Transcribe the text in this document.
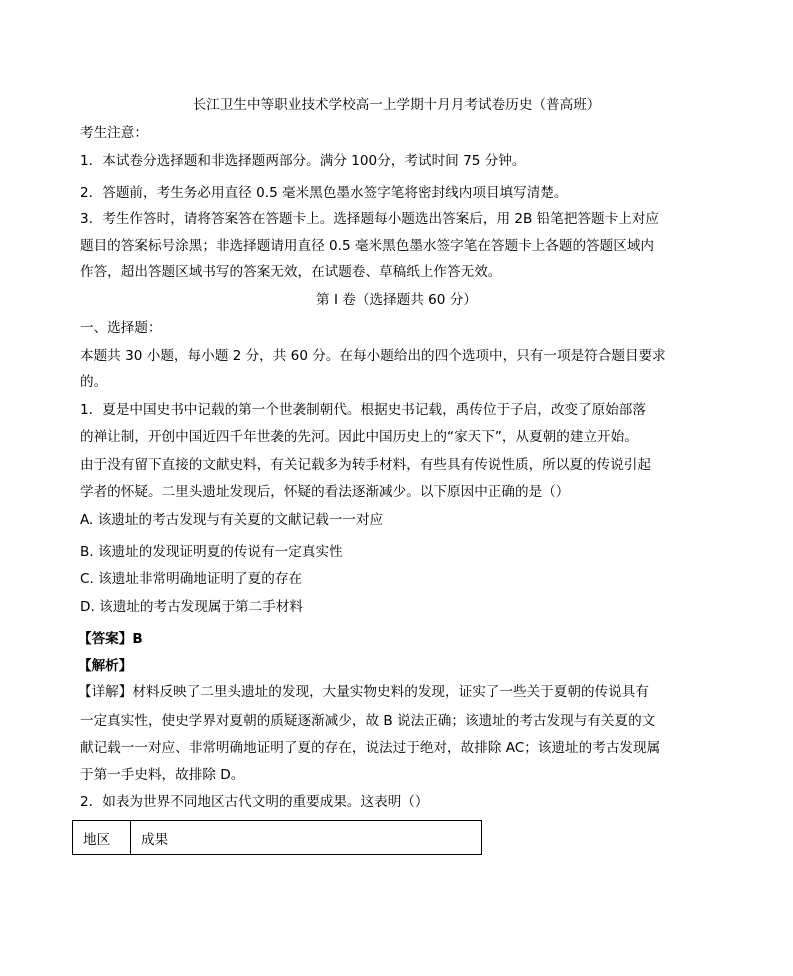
长江卫生中等职业技术学校高一上学期十月月考试卷历史（普高班）
考生注意：
1．本试卷分选择题和非选择题两部分。满分 100分，考试时间 75 分钟。
2．答题前，考生务必用直径 0.5 毫米黑色墨水签字笔将密封线内项目填写清楚。
3．考生作答时，请将答案答在答题卡上。选择题每小题选出答案后，用 2B 铅笔把答题卡上对应
题目的答案标号涂黑；非选择题请用直径 0.5 毫米黑色墨水签字笔在答题卡上各题的答题区域内
作答，超出答题区域书写的答案无效，在试题卷、草稿纸上作答无效。
第 I 卷（选择题共 60 分）
一、选择题：
本题共 30 小题，每小题 2 分，共 60 分。在每小题给出的四个选项中，只有一项是符合题目要求
的。
1．夏是中国史书中记载的第一个世袭制朝代。根据史书记载，禹传位于子启，改变了原始部落
的禅让制，开创中国近四千年世袭的先河。因此中国历史上的“家天下”，从夏朝的建立开始。
由于没有留下直接的文献史料，有关记载多为转手材料，有些具有传说性质，所以夏的传说引起
学者的怀疑。二里头遗址发现后，怀疑的看法逐渐减少。以下原因中正确的是（）
A. 该遗址的考古发现与有关夏的文献记载一一对应
B. 该遗址的发现证明夏的传说有一定真实性
C. 该遗址非常明确地证明了夏的存在
D. 该遗址的考古发现属于第二手材料
【答案】B
【解析】
【详解】材料反映了二里头遗址的发现，大量实物史料的发现，证实了一些关于夏朝的传说具有
一定真实性，使史学界对夏朝的质疑逐渐减少，故 B 说法正确；该遗址的考古发现与有关夏的文
献记载一一对应、非常明确地证明了夏的存在，说法过于绝对，故排除 AC；该遗址的考古发现属
于第一手史料，故排除 D。
2．如表为世界不同地区古代文明的重要成果。这表明（）
地区	成果
